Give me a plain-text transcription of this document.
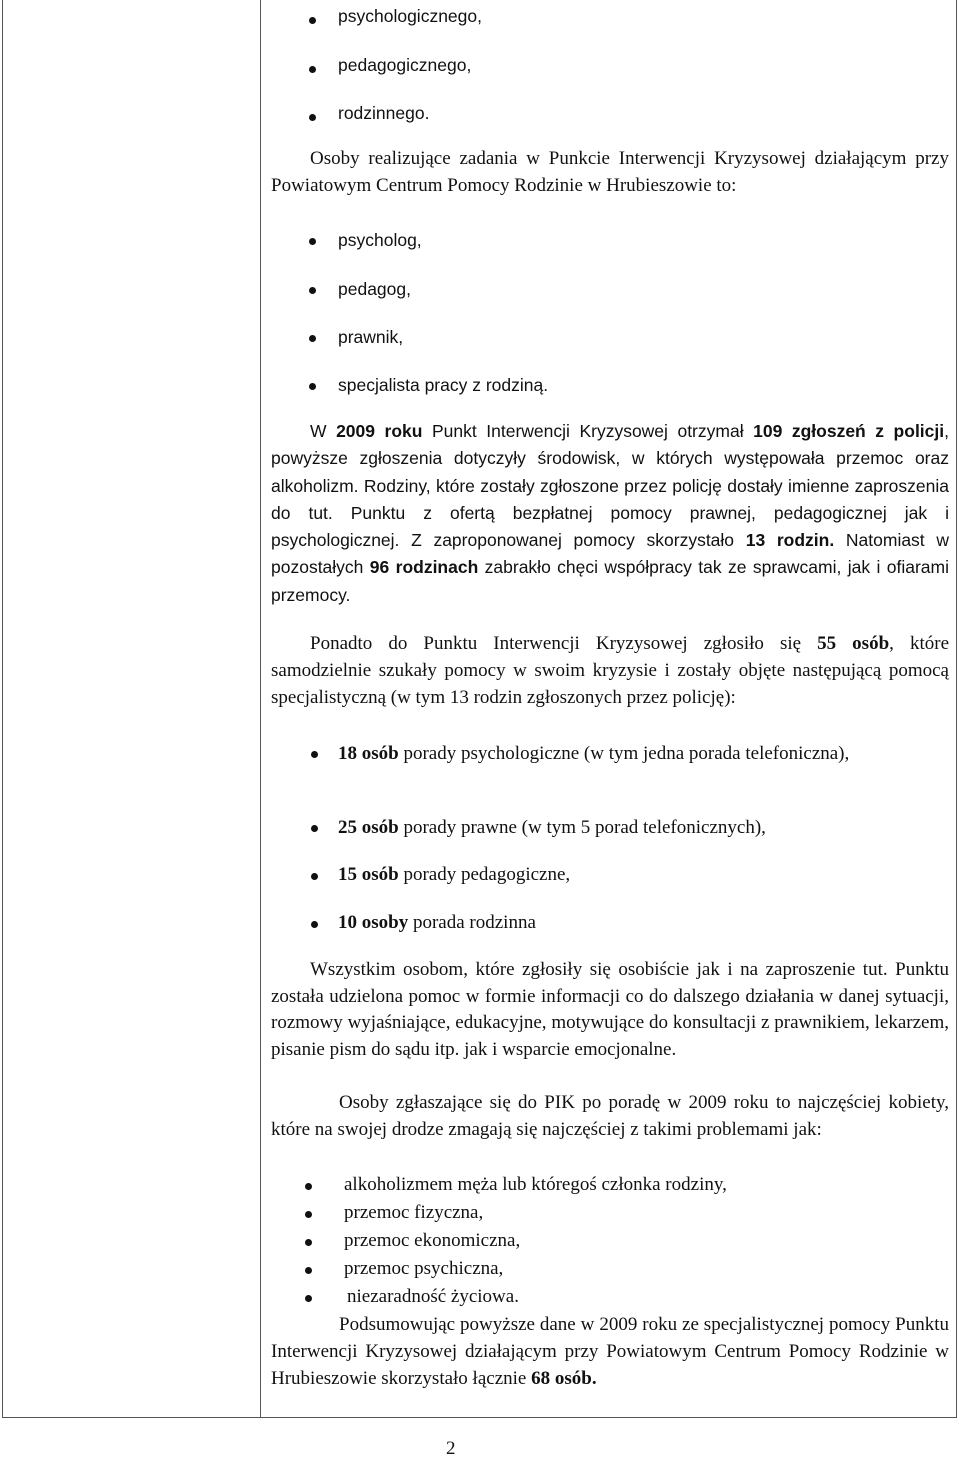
psychologicznego,
pedagogicznego,
rodzinnego.

Osoby realizujące zadania w Punkcie Interwencji Kryzysowej działającym przy Powiatowym Centrum Pomocy Rodzinie w Hrubieszowie to:

psycholog,
pedagog,
prawnik,
specjalista pracy z rodziną.

W 2009 roku Punkt Interwencji Kryzysowej otrzymał 109 zgłoszeń z policji, powyższe zgłoszenia dotyczyły środowisk, w których występowała przemoc oraz alkoholizm. Rodziny, które zostały zgłoszone przez policję dostały imienne zaproszenia do tut. Punktu z ofertą bezpłatnej pomocy prawnej, pedagogicznej jak i psychologicznej. Z zaproponowanej pomocy skorzystało 13 rodzin. Natomiast w pozostałych 96 rodzinach zabrakło chęci współpracy tak ze sprawcami, jak i ofiarami przemocy.

Ponadto do Punktu Interwencji Kryzysowej zgłosiło się 55 osób, które samodzielnie szukały pomocy w swoim kryzysie i zostały objęte następującą pomocą specjalistyczną (w tym 13 rodzin zgłoszonych przez policję):

18 osób porady psychologiczne (w tym jedna porada telefoniczna),

25 osób porady prawne (w tym 5 porad telefonicznych),
15 osób porady pedagogiczne,
10 osoby porada rodzinna

Wszystkim osobom, które zgłosiły się osobiście jak i na zaproszenie tut. Punktu została udzielona pomoc w formie informacji co do dalszego działania w danej sytuacji, rozmowy wyjaśniające, edukacyjne, motywujące do konsultacji z prawnikiem, lekarzem, pisanie pism do sądu itp. jak i wsparcie emocjonalne.

Osoby zgłaszające się do PIK po poradę w 2009 roku to najczęściej kobiety, które na swojej drodze zmagają się najczęściej z takimi problemami jak:

alkoholizmem męża lub któregoś członka rodziny,
przemoc fizyczna,
przemoc ekonomiczna,
przemoc psychiczna,
niezaradność życiowa.

Podsumowując powyższe dane w 2009 roku ze specjalistycznej pomocy Punktu Interwencji Kryzysowej działającym przy Powiatowym Centrum Pomocy Rodzinie w Hrubieszowie skorzystało łącznie 68 osób.

2
